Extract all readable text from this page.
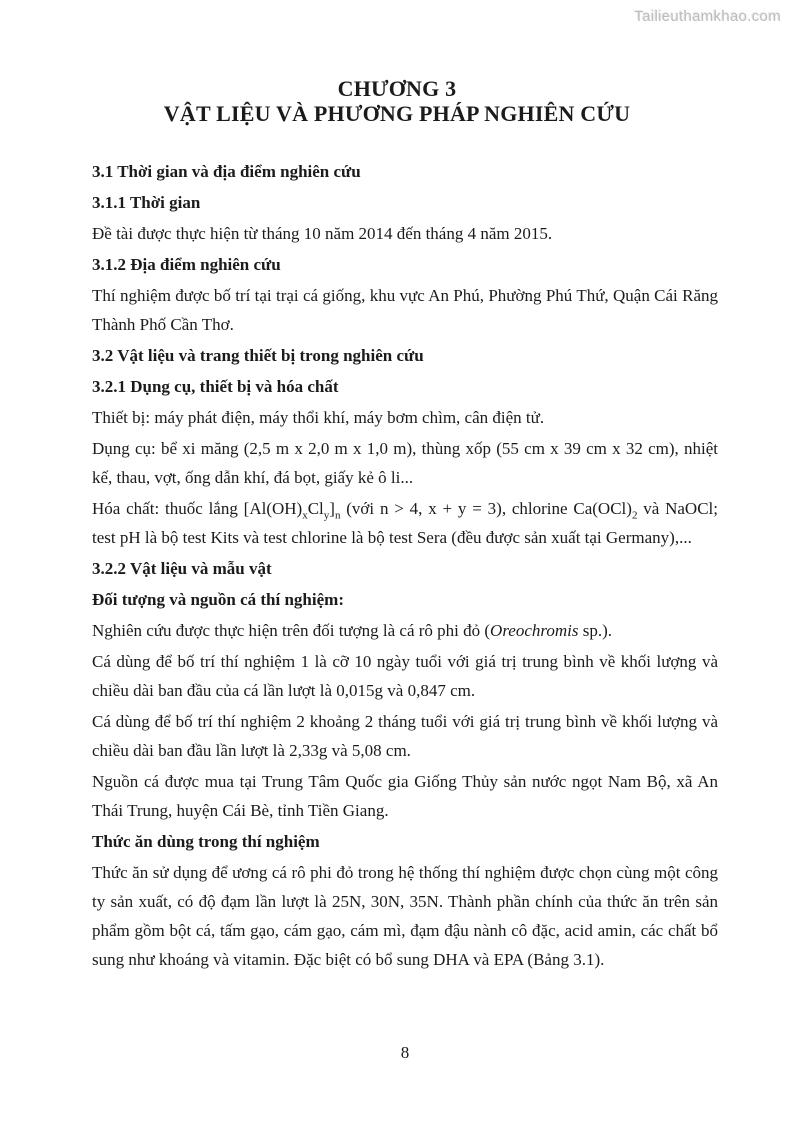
Tailieuthamkhao.com
CHƯƠNG 3
VẬT LIỆU VÀ PHƯƠNG PHÁP NGHIÊN CỨU
3.1 Thời gian và địa điểm nghiên cứu
3.1.1 Thời gian
Đề tài được thực hiện từ tháng 10 năm 2014 đến tháng 4 năm 2015.
3.1.2 Địa điểm nghiên cứu
Thí nghiệm được bố trí tại trại cá giống, khu vực An Phú, Phường Phú Thứ, Quận Cái Răng Thành Phố Cần Thơ.
3.2 Vật liệu và trang thiết bị trong nghiên cứu
3.2.1 Dụng cụ, thiết bị và hóa chất
Thiết bị: máy phát điện, máy thổi khí, máy bơm chìm, cân điện tử.
Dụng cụ: bể xi măng (2,5 m x 2,0 m x 1,0 m), thùng xốp (55 cm x 39 cm x 32 cm), nhiệt kế, thau, vợt, ống dẫn khí, đá bọt, giấy kẻ ô li...
Hóa chất: thuốc lắng $[Al(OH)_xCl_y]_n$ (với n > 4, x + y = 3), chlorine $Ca(OCl)_2$ và NaOCl; test pH là bộ test Kits và test chlorine là bộ test Sera (đều được sản xuất tại Germany),...
3.2.2 Vật liệu và mẫu vật
Đối tượng và nguồn cá thí nghiệm:
Nghiên cứu được thực hiện trên đối tượng là cá rô phi đỏ (Oreochromis sp.).
Cá dùng để bố trí thí nghiệm 1 là cỡ 10 ngày tuổi với giá trị trung bình về khối lượng và chiều dài ban đầu của cá lần lượt là 0,015g và 0,847 cm.
Cá dùng để bố trí thí nghiệm 2 khoảng 2 tháng tuổi với giá trị trung bình về khối lượng và chiều dài ban đầu lần lượt là 2,33g và 5,08 cm.
Nguồn cá được mua tại Trung Tâm Quốc gia Giống Thủy sản nước ngọt Nam Bộ, xã An Thái Trung, huyện Cái Bè, tỉnh Tiền Giang.
Thức ăn dùng trong thí nghiệm
Thức ăn sử dụng để ương cá rô phi đỏ trong hệ thống thí nghiệm được chọn cùng một công ty sản xuất, có độ đạm lần lượt là 25N, 30N, 35N. Thành phần chính của thức ăn trên sản phẩm gồm bột cá, tấm gạo, cám gạo, cám mì, đạm đậu nành cô đặc, acid amin, các chất bổ sung như khoáng và vitamin. Đặc biệt có bổ sung DHA và EPA (Bảng 3.1).
8
